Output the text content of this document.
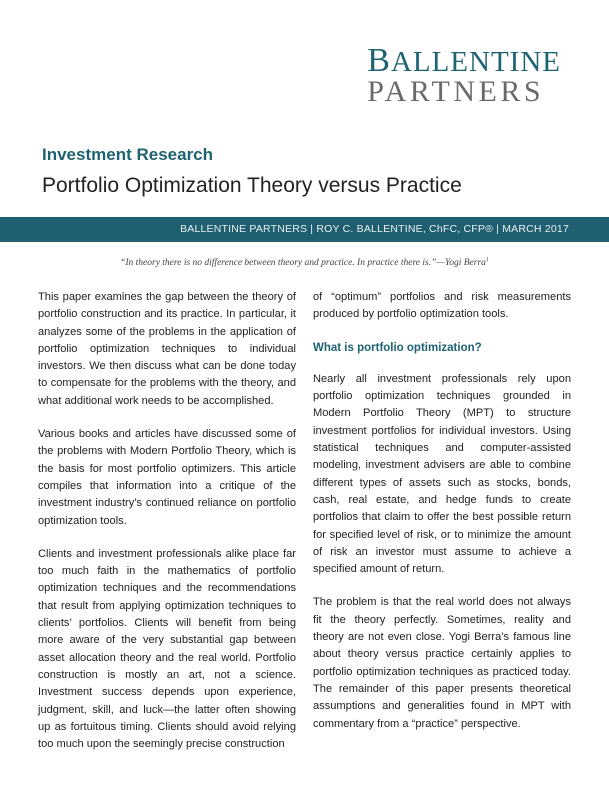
BALLENTINE
PARTNERS
Investment Research
Portfolio Optimization Theory versus Practice
BALLENTINE PARTNERS | ROY C. BALLENTINE, ChFC, CFP® | MARCH 2017
“In theory there is no difference between theory and practice. In practice there is.”—Yogi Berra$^1$

This paper examines the gap between the theory of portfolio construction and its practice. In particular, it analyzes some of the problems in the application of portfolio optimization techniques to individual investors. We then discuss what can be done today to compensate for the problems with the theory, and what additional work needs to be accomplished.

Various books and articles have discussed some of the problems with Modern Portfolio Theory, which is the basis for most portfolio optimizers. This article compiles that information into a critique of the investment industry’s continued reliance on portfolio optimization tools.

Clients and investment professionals alike place far too much faith in the mathematics of portfolio optimization techniques and the recommendations that result from applying optimization techniques to clients’ portfolios. Clients will benefit from being more aware of the very substantial gap between asset allocation theory and the real world. Portfolio construction is mostly an art, not a science. Investment success depends upon experience, judgment, skill, and luck—the latter often showing up as fortuitous timing. Clients should avoid relying too much upon the seemingly precise construction

of “optimum” portfolios and risk measurements produced by portfolio optimization tools.

What is portfolio optimization?

Nearly all investment professionals rely upon portfolio optimization techniques grounded in Modern Portfolio Theory (MPT) to structure investment portfolios for individual investors. Using statistical techniques and computer-assisted modeling, investment advisers are able to combine different types of assets such as stocks, bonds, cash, real estate, and hedge funds to create portfolios that claim to offer the best possible return for specified level of risk, or to minimize the amount of risk an investor must assume to achieve a specified amount of return.

The problem is that the real world does not always fit the theory perfectly. Sometimes, reality and theory are not even close. Yogi Berra’s famous line about theory versus practice certainly applies to portfolio optimization techniques as practiced today. The remainder of this paper presents theoretical assumptions and generalities found in MPT with commentary from a “practice” perspective.
